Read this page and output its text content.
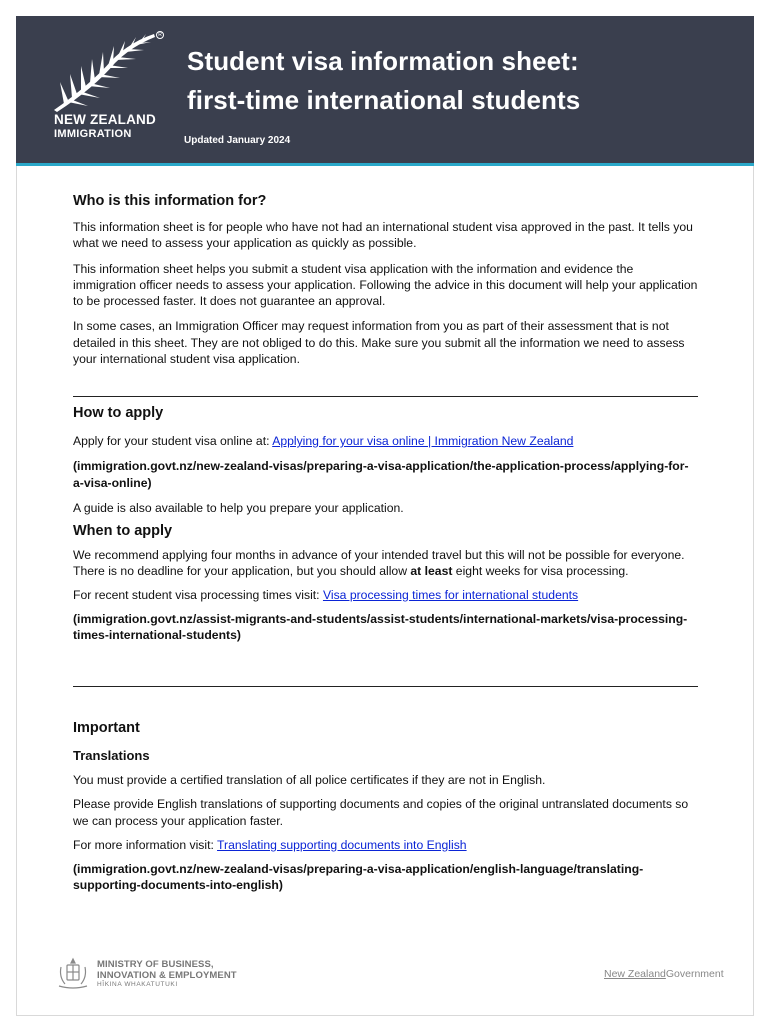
R
NEW ZEALAND
IMMIGRATION
Student visa information sheet:
first-time international students
Updated January 2024
Who is this information for?

This information sheet is for people who have not had an international student visa approved in the past. It tells you what we need to assess your application as quickly as possible.

This information sheet helps you submit a student visa application with the information and evidence the immigration officer needs to assess your application. Following the advice in this document will help your application to be processed faster. It does not guarantee an approval.

In some cases, an Immigration Officer may request information from you as part of their assessment that is not detailed in this sheet. They are not obliged to do this. Make sure you submit all the information we need to assess your international student visa application.

How to apply

Apply for your student visa online at: Applying for your visa online | Immigration New Zealand

(immigration.govt.nz/new-zealand-visas/preparing-a-visa-application/the-application-process/applying-for-a-visa-online)

A guide is also available to help you prepare your application.

When to apply

We recommend applying four months in advance of your intended travel but this will not be possible for everyone. There is no deadline for your application, but you should allow at least eight weeks for visa processing.

For recent student visa processing times visit: Visa processing times for international students

(immigration.govt.nz/assist-migrants-and-students/assist-students/international-markets/visa-processing-times-international-students)

Important
Translations

You must provide a certified translation of all police certificates if they are not in English.

Please provide English translations of supporting documents and copies of the original untranslated documents so we can process your application faster.

For more information visit: Translating supporting documents into English

(immigration.govt.nz/new-zealand-visas/preparing-a-visa-application/english-language/translating-supporting-documents-into-english)

MINISTRY OF BUSINESS,
INNOVATION & EMPLOYMENT
HĪKINA WHAKATUTUKI
New ZealandGovernment
